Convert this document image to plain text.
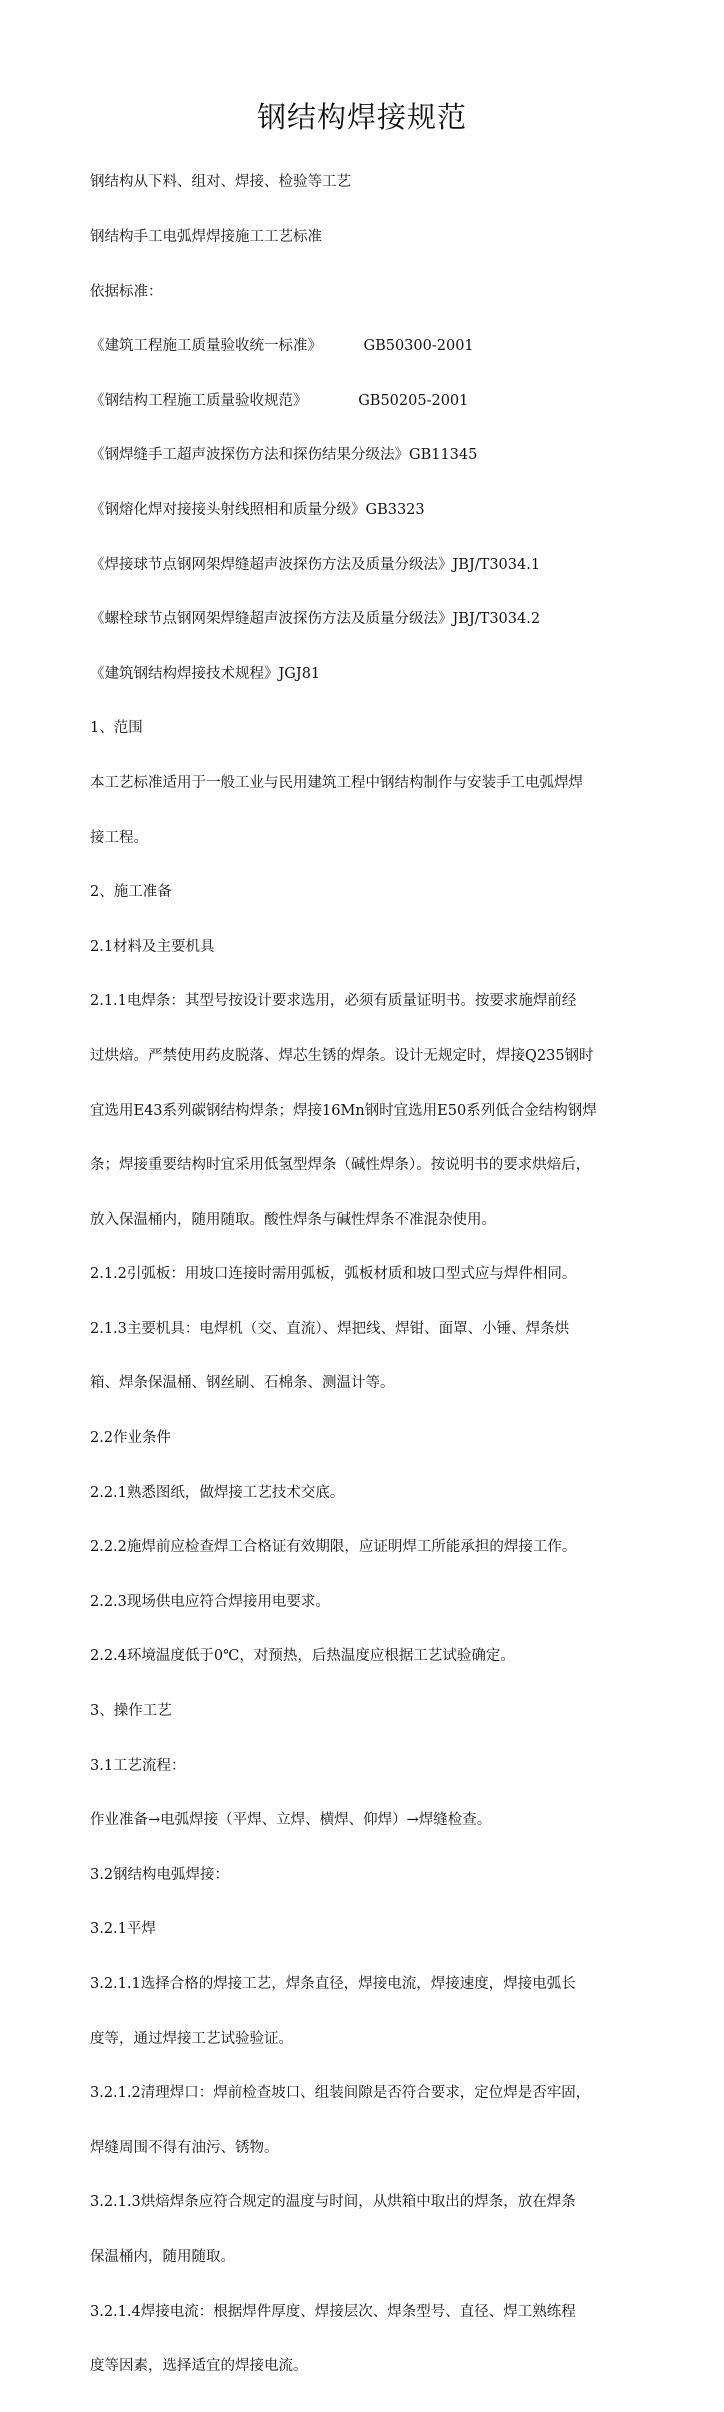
钢结构焊接规范

钢结构从下料、组对、焊接、检验等工艺

钢结构手工电弧焊焊接施工工艺标准

依据标准：

《建筑工程施工质量验收统一标准》         GB50300-2001

《钢结构工程施工质量验收规范》           GB50205-2001

《钢焊缝手工超声波探伤方法和探伤结果分级法》GB11345

《钢熔化焊对接接头射线照相和质量分级》GB3323

《焊接球节点钢网架焊缝超声波探伤方法及质量分级法》JBJ/T3034.1

《螺栓球节点钢网架焊缝超声波探伤方法及质量分级法》JBJ/T3034.2

《建筑钢结构焊接技术规程》JGJ81

1、范围

本工艺标准适用于一般工业与民用建筑工程中钢结构制作与安装手工电弧焊焊

接工程。

2、施工准备

2.1材料及主要机具

2.1.1电焊条：其型号按设计要求选用，必须有质量证明书。按要求施焊前经

过烘焙。严禁使用药皮脱落、焊芯生锈的焊条。设计无规定时，焊接Q235钢时

宜选用E43系列碳钢结构焊条；焊接16Mn钢时宜选用E50系列低合金结构钢焊

条；焊接重要结构时宜采用低氢型焊条（碱性焊条）。按说明书的要求烘焙后，

放入保温桶内，随用随取。酸性焊条与碱性焊条不准混杂使用。

2.1.2引弧板：用坡口连接时需用弧板，弧板材质和坡口型式应与焊件相同。

2.1.3主要机具：电焊机（交、直流）、焊把线、焊钳、面罩、小锤、焊条烘

箱、焊条保温桶、钢丝刷、石棉条、测温计等。

2.2作业条件

2.2.1熟悉图纸，做焊接工艺技术交底。

2.2.2施焊前应检查焊工合格证有效期限，应证明焊工所能承担的焊接工作。

2.2.3现场供电应符合焊接用电要求。

2.2.4环境温度低于0℃，对预热，后热温度应根据工艺试验确定。

3、操作工艺

3.1工艺流程：

作业准备→电弧焊接（平焊、立焊、横焊、仰焊）→焊缝检查。

3.2钢结构电弧焊接：

3.2.1平焊

3.2.1.1选择合格的焊接工艺，焊条直径，焊接电流，焊接速度，焊接电弧长

度等，通过焊接工艺试验验证。

3.2.1.2清理焊口：焊前检查坡口、组装间隙是否符合要求，定位焊是否牢固，

焊缝周围不得有油污、锈物。

3.2.1.3烘焙焊条应符合规定的温度与时间，从烘箱中取出的焊条，放在焊条

保温桶内，随用随取。

3.2.1.4焊接电流：根据焊件厚度、焊接层次、焊条型号、直径、焊工熟练程

度等因素，选择适宜的焊接电流。
